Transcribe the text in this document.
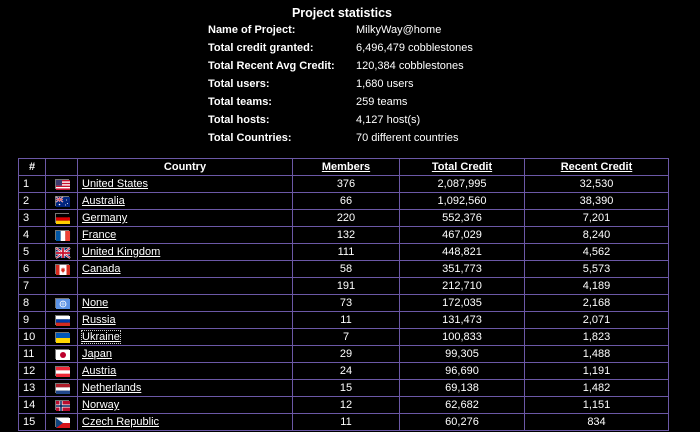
Project statistics
Name of Project:	MilkyWay@home
Total credit granted:	6,496,479 cobblestones
Total Recent Avg Credit: 120,384 cobblestones
Total users:	1,680 users
Total teams:	259 teams
Total hosts:	4,127 host(s)
Total Countries:	70 different countries
#		Country	Members	Total Credit	Recent Credit
1		United States	376	2,087,995	32,530
2		Australia	66	1,092,560	38,390
3		Germany	220	552,376	7,201
4		France	132	467,029	8,240
5		United Kingdom	111	448,821	4,562
6		Canada	58	351,773	5,573
7			191	212,710	4,189
8		None	73	172,035	2,168
9		Russia	11	131,473	2,071
10		Ukraine	7	100,833	1,823
11		Japan	29	99,305	1,488
12		Austria	24	96,690	1,191
13		Netherlands	15	69,138	1,482
14		Norway	12	62,682	1,151
15		Czech Republic	11	60,276	834
